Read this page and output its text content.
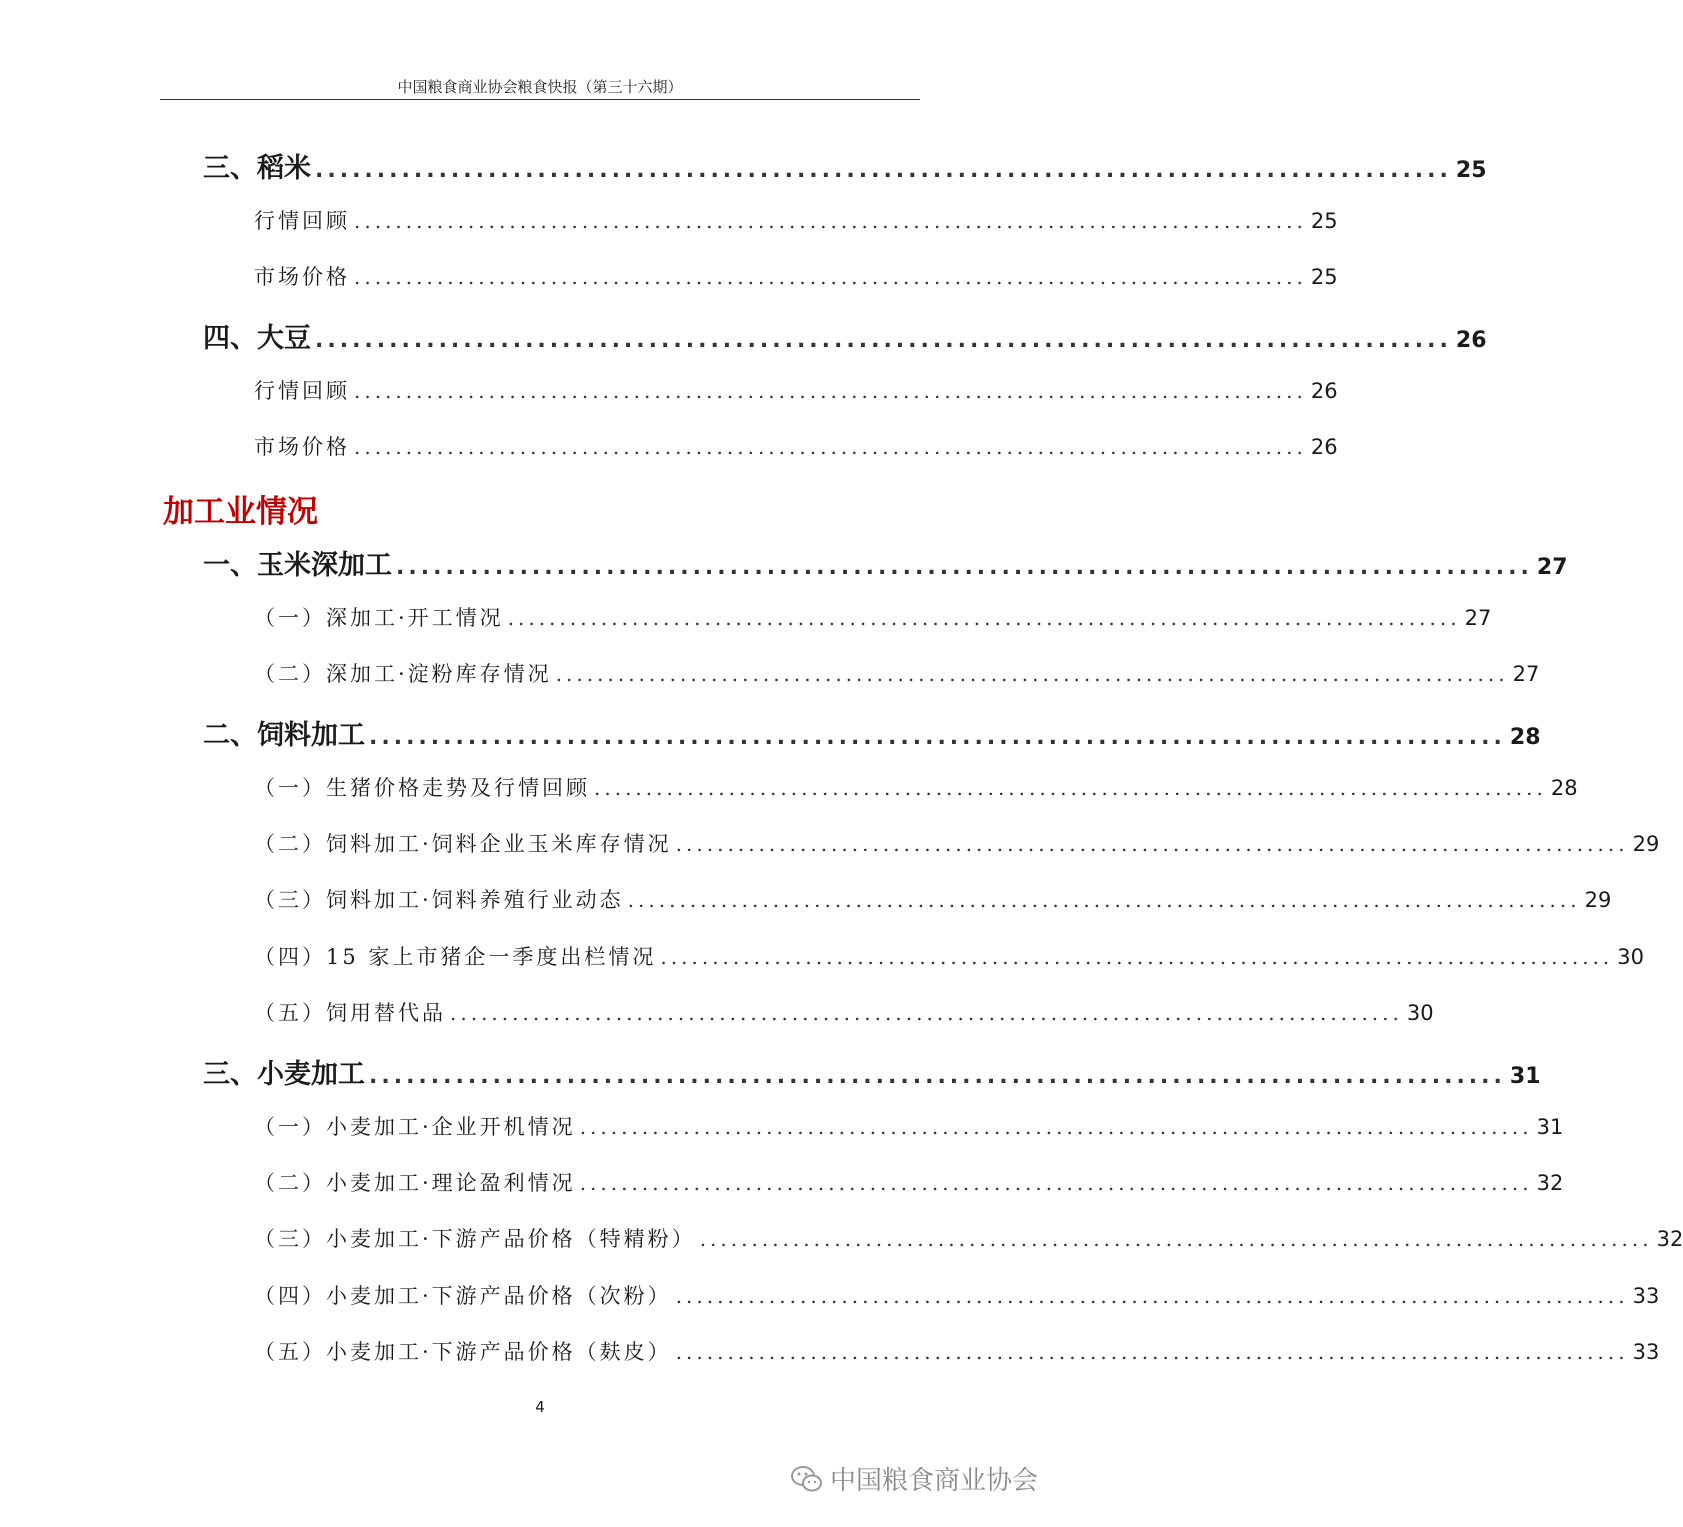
中国粮食商业协会粮食快报（第三十六期）
三、稻米 ............................................................................................ 25
行情回顾 ............................................................................................ 25
市场价格 ............................................................................................ 25
四、大豆 ............................................................................................ 26
行情回顾 ............................................................................................ 26
市场价格 ............................................................................................ 26
加工业情况
一、玉米深加工 ............................................................................................ 27
（一）深加工·开工情况 ............................................................................................ 27
（二）深加工·淀粉库存情况 ............................................................................................ 27
二、饲料加工 ............................................................................................ 28
（一）生猪价格走势及行情回顾 ............................................................................................ 28
（二）饲料加工·饲料企业玉米库存情况 ............................................................................................ 29
（三）饲料加工·饲料养殖行业动态 ............................................................................................ 29
（四）15 家上市猪企一季度出栏情况 ............................................................................................ 30
（五）饲用替代品 ............................................................................................ 30
三、小麦加工 ............................................................................................ 31
（一）小麦加工·企业开机情况 ............................................................................................ 31
（二）小麦加工·理论盈利情况 ............................................................................................ 32
（三）小麦加工·下游产品价格（特精粉） ............................................................................................ 32
（四）小麦加工·下游产品价格（次粉） ............................................................................................ 33
（五）小麦加工·下游产品价格（麸皮） ............................................................................................ 33
4
中国粮食商业协会
